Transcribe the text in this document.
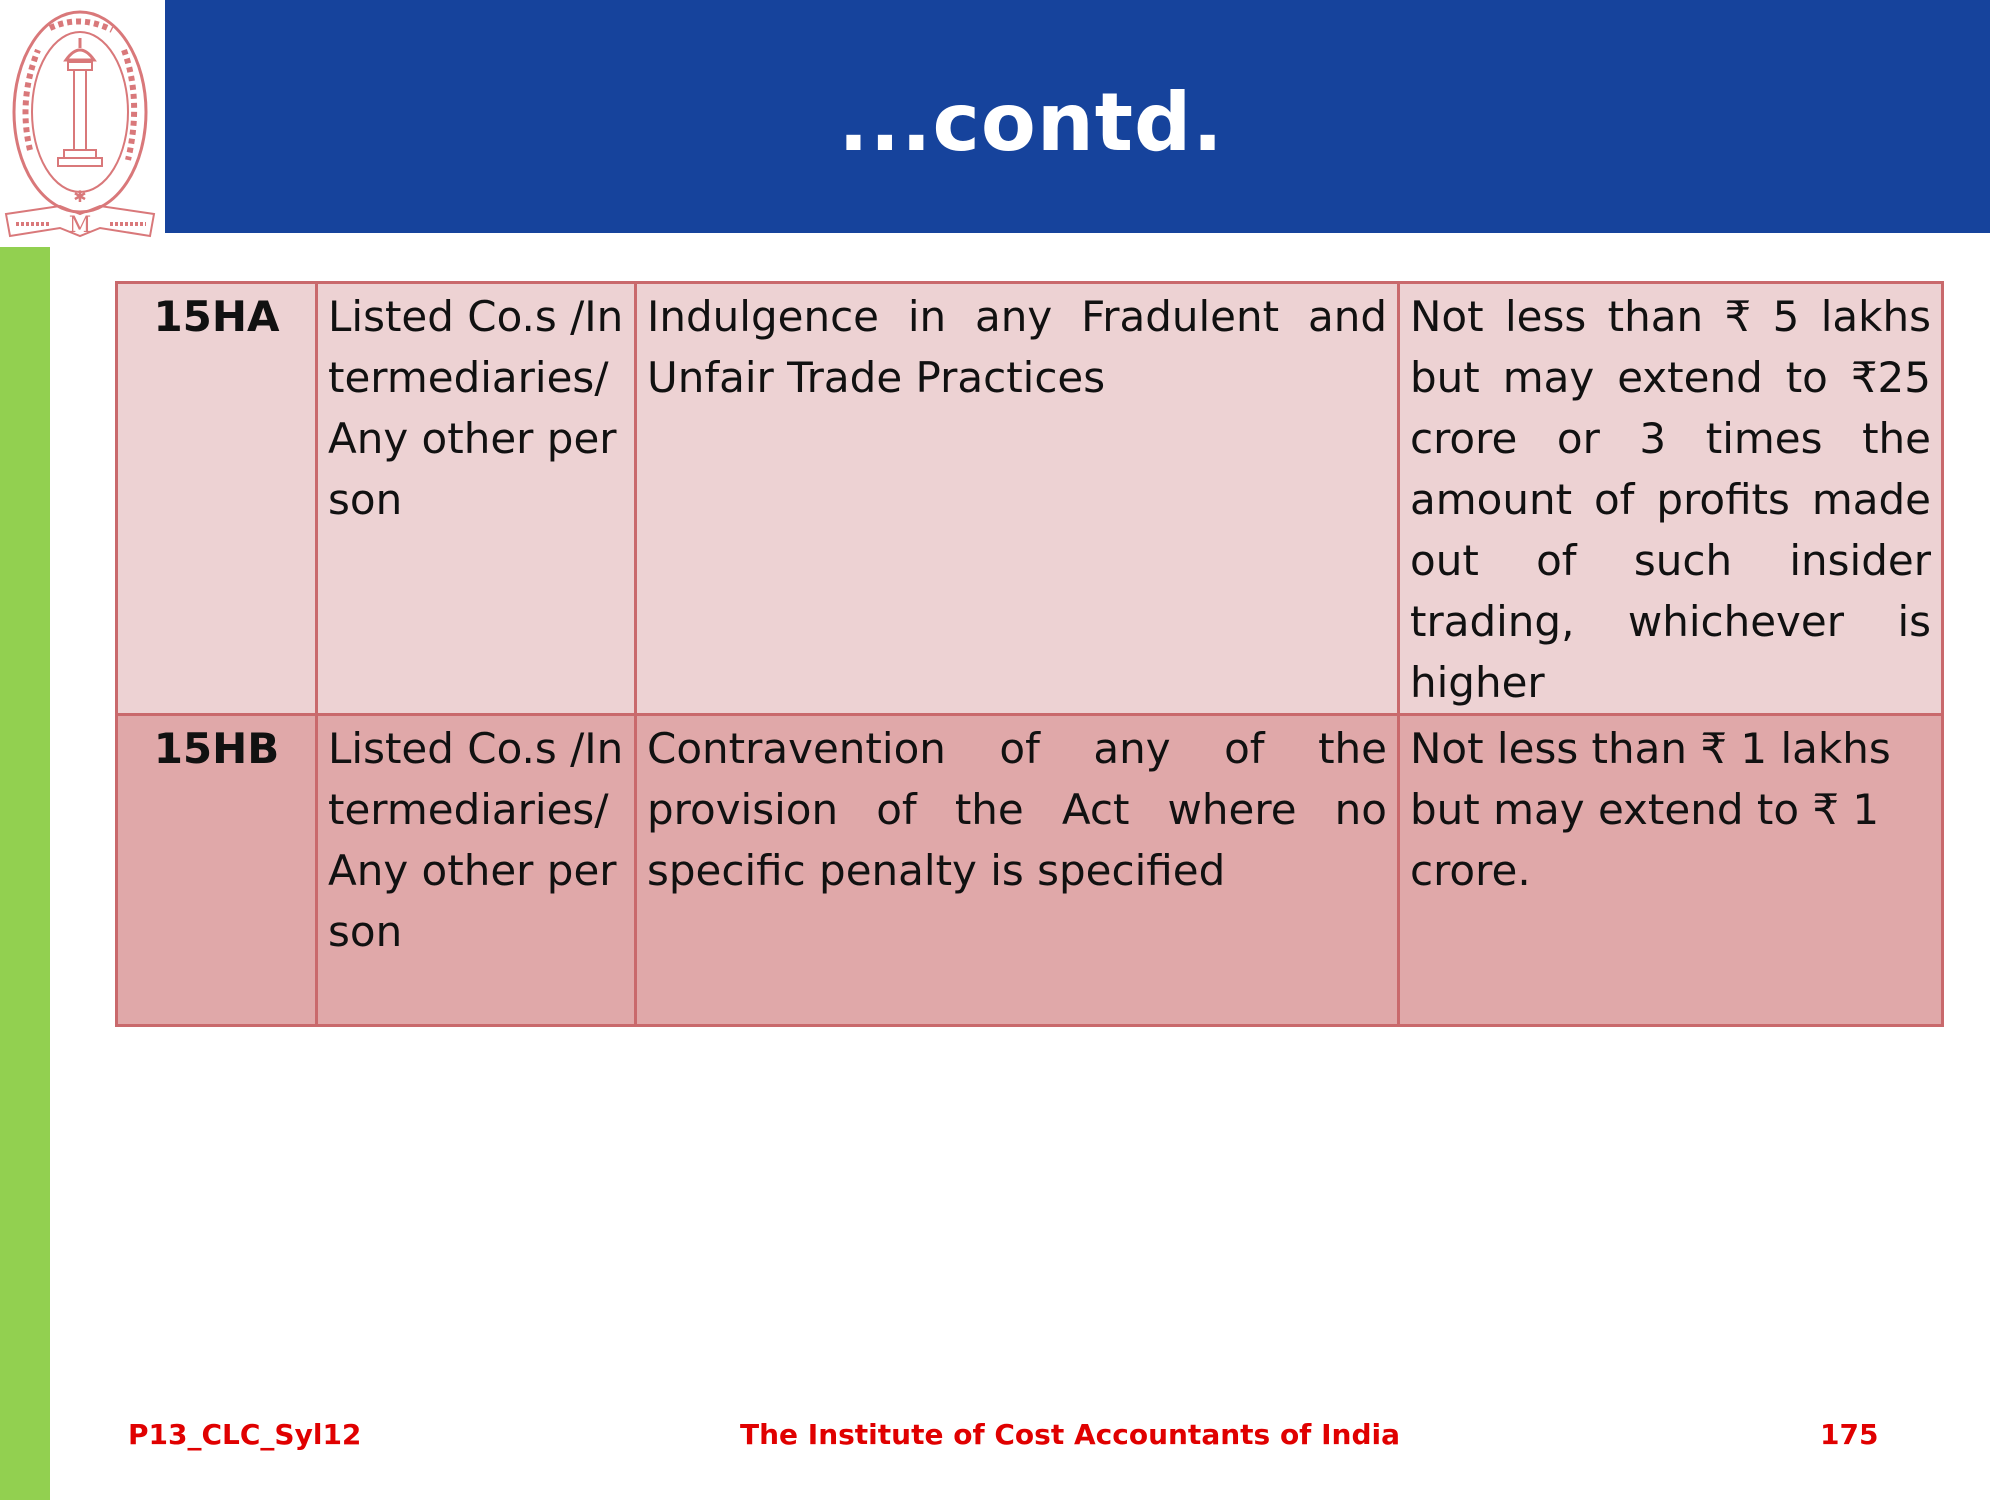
✱
M
...contd.
15HA	Listed Co.s /Intermediaries/ Any other person	Indulgence in any Fradulent and Unfair Trade Practices	Not less than ₹ 5 lakhs but may extend to ₹25 crore or 3 times the amount of profits made out of such insider trading, whichever is higher
15HB	Listed Co.s /Intermediaries/ Any other person	Contravention of any of the provision of the Act where no specific penalty is specified	Not less than ₹ 1 lakhs but may extend to ₹ 1 crore.
P13_CLC_Syl12	The Institute of Cost Accountants of India	175
